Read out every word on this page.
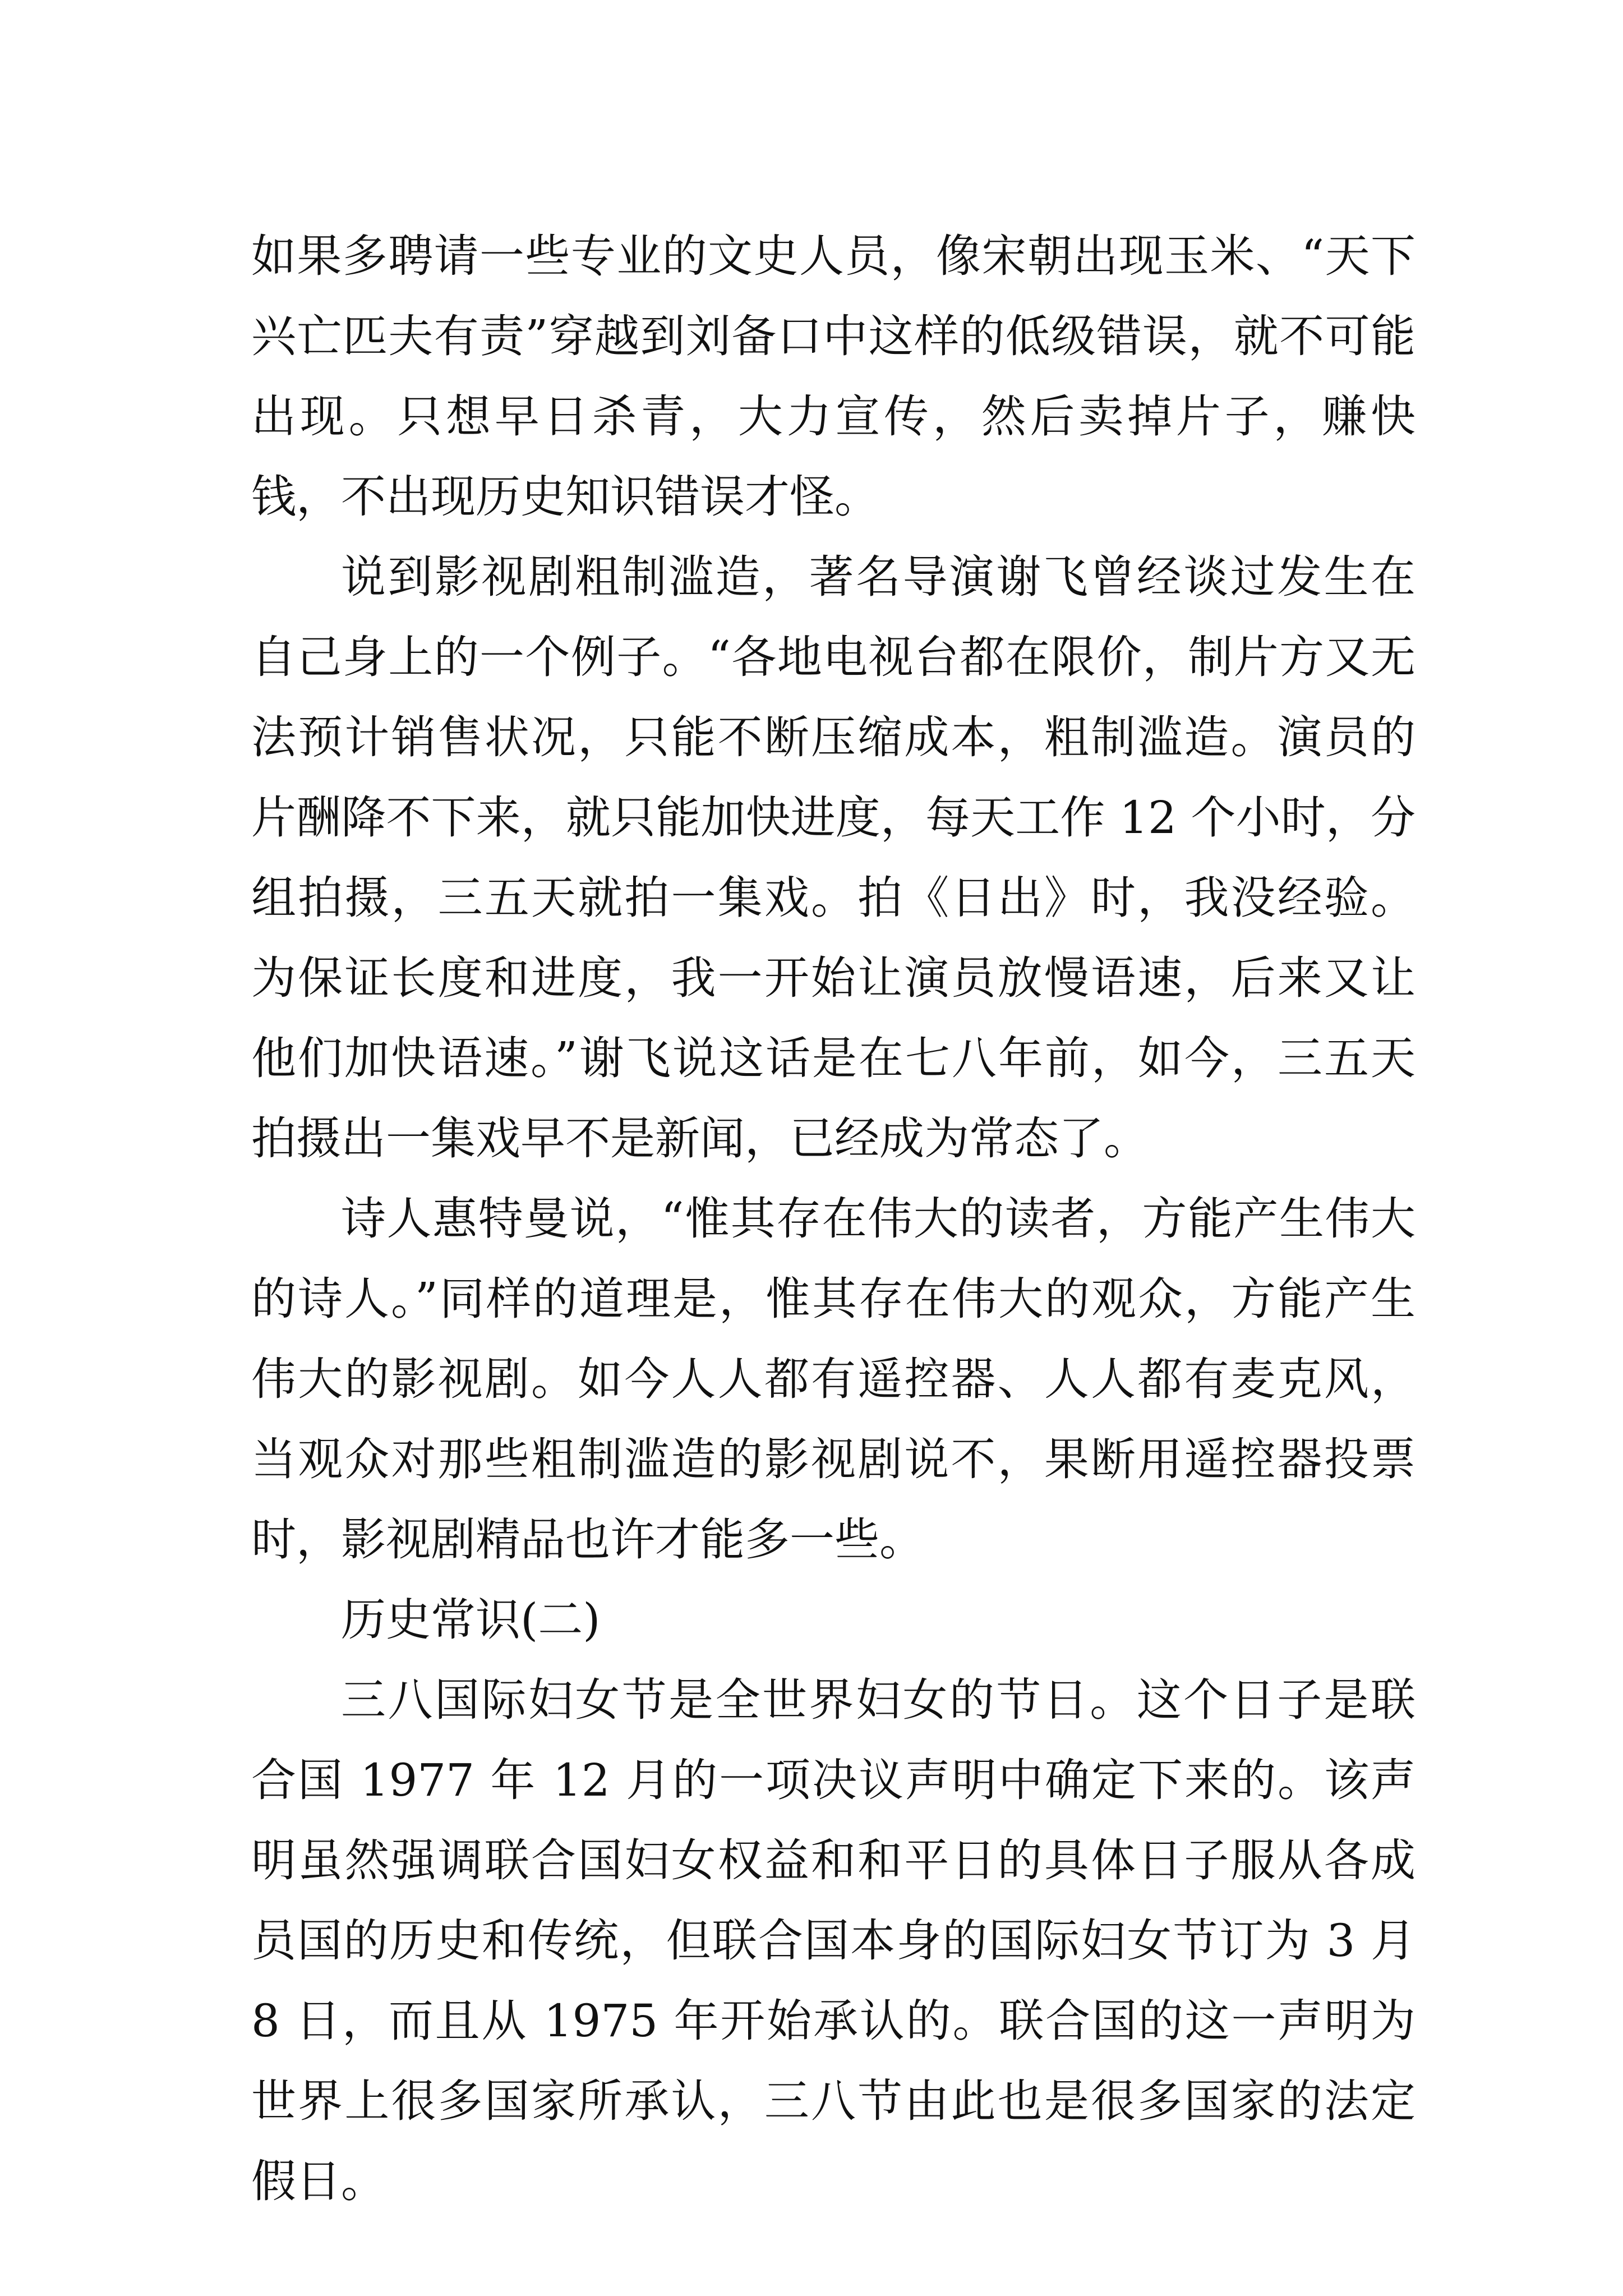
如果多聘请一些专业的文史人员，像宋朝出现玉米、“天下兴亡匹夫有责”穿越到刘备口中这样的低级错误，就不可能出现。只想早日杀青，大力宣传，然后卖掉片子，赚快钱，不出现历史知识错误才怪。

说到影视剧粗制滥造，著名导演谢飞曾经谈过发生在自己身上的一个例子。“各地电视台都在限价，制片方又无法预计销售状况，只能不断压缩成本，粗制滥造。演员的片酬降不下来，就只能加快进度，每天工作 12 个小时，分组拍摄，三五天就拍一集戏。拍《日出》时，我没经验。为保证长度和进度，我一开始让演员放慢语速，后来又让他们加快语速。”谢飞说这话是在七八年前，如今，三五天拍摄出一集戏早不是新闻，已经成为常态了。

诗人惠特曼说，“惟其存在伟大的读者，方能产生伟大的诗人。”同样的道理是，惟其存在伟大的观众，方能产生伟大的影视剧。如今人人都有遥控器、人人都有麦克风，当观众对那些粗制滥造的影视剧说不，果断用遥控器投票时，影视剧精品也许才能多一些。

历史常识(二)

三八国际妇女节是全世界妇女的节日。这个日子是联合国 1977 年 12 月的一项决议声明中确定下来的。该声明虽然强调联合国妇女权益和和平日的具体日子服从各成员国的历史和传统，但联合国本身的国际妇女节订为 3 月 8 日，而且从 1975 年开始承认的。联合国的这一声明为世界上很多国家所承认，三八节由此也是很多国家的法定假日。
